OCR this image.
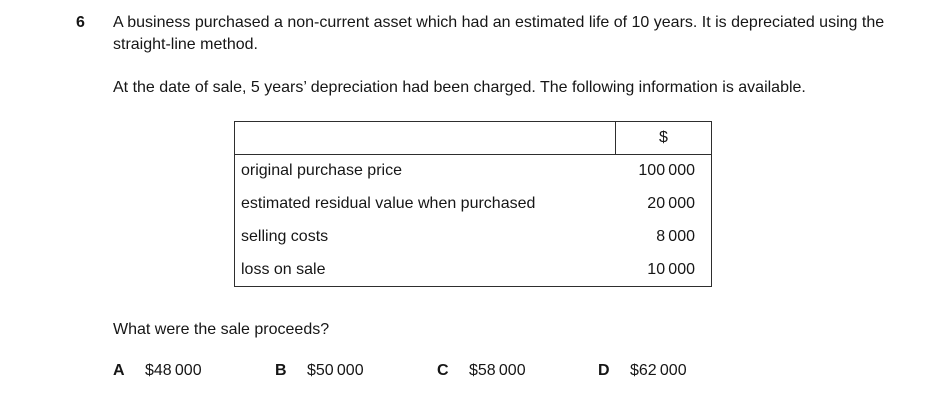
6 A business purchased a non-current asset which had an estimated life of 10 years. It is depreciated using the straight-line method.
At the date of sale, 5 years’ depreciation had been charged. The following information is available.
	$
original purchase price	100 000
estimated residual value when purchased	20 000
selling costs	8 000
loss on sale	10 000
What were the sale proceeds?
A $48 000	B $50 000	C $58 000	D $62 000
